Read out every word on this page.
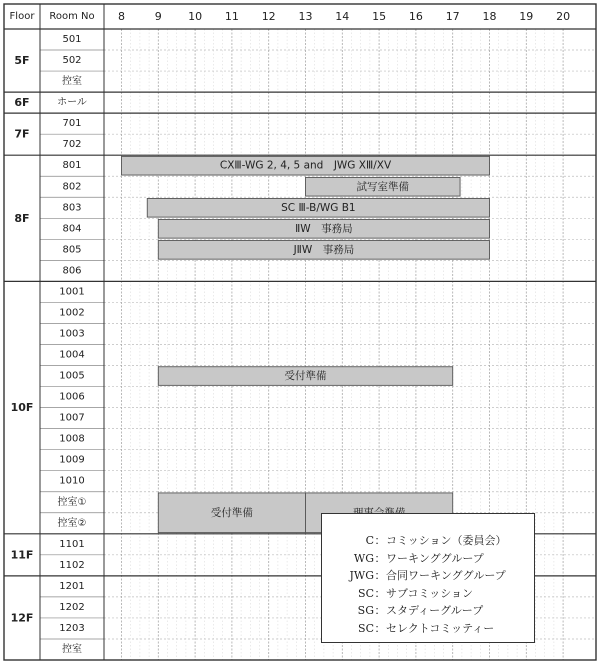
CXⅢ-WG 2, 4, 5 and　JWG XⅢ/XV
試写室準備
SC Ⅲ-B/WG B1
ⅡW　事務局
JⅡW　事務局
受付準備
受付準備
5F
501
502
控室
6F	ホール
7F
701
702
8F
801
802
803
804
805
806
10F
1001
1002
1003
1004
1005
1006
1007
1008
1009
1010
控室①
控室②
11F
1101
1102
12F
1201
1202
1203
控室
Floor Room No 8	9 10 11 12 13 14 15 16 17 18 19 20
C：コミッション（委員会）
WG：ワーキンググループ
JWG：合同ワーキンググループ
SC：サブコミッション
SG：スタディーグループ
SC：セレクトコミッティー
